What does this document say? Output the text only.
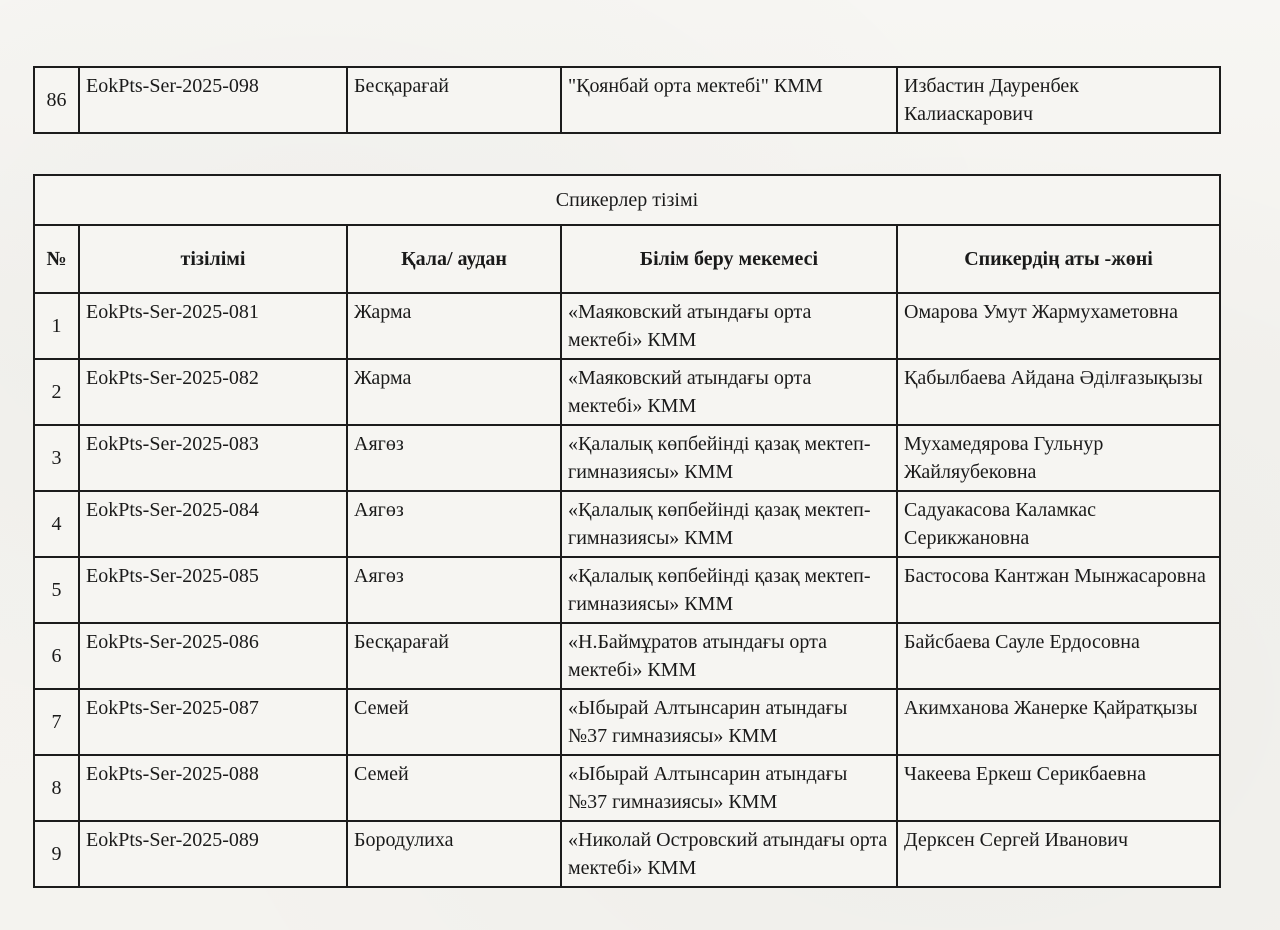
86	EokPts-Ser-2025-098	Бесқарағай	"Қоянбай орта мектебі" КММ	Избастин Дауренбек Калиаскарович
Спикерлер тізімі				
№	тізілімі	Қала/ аудан	Білім беру мекемесі	Спикердің аты -жөні
1	EokPts-Ser-2025-081	Жарма	«Маяковский атындағы орта мектебі» КММ	Омарова Умут Жармухаметовна
2	EokPts-Ser-2025-082	Жарма	«Маяковский атындағы орта мектебі» КММ	Қабылбаева Айдана Әділғазықызы
3	EokPts-Ser-2025-083	Аягөз	«Қалалық көпбейінді қазақ мектеп-гимназиясы» КММ	Мухамедярова Гульнур Жайляубековна
4	EokPts-Ser-2025-084	Аягөз	«Қалалық көпбейінді қазақ мектеп-гимназиясы» КММ	Садуакасова Каламкас Серикжановна
5	EokPts-Ser-2025-085	Аягөз	«Қалалық көпбейінді қазақ мектеп-гимназиясы» КММ	Бастосова Кантжан Мынжасаровна
6	EokPts-Ser-2025-086	Бесқарағай	«Н.Баймұратов атындағы орта мектебі» КММ	Байсбаева Сауле Ердосовна
7	EokPts-Ser-2025-087	Семей	«Ыбырай Алтынсарин атындағы №37 гимназиясы» КММ	Акимханова Жанерке Қайратқызы
8	EokPts-Ser-2025-088	Семей	«Ыбырай Алтынсарин атындағы №37 гимназиясы» КММ	Чакеева Еркеш Серикбаевна
9	EokPts-Ser-2025-089	Бородулиха	«Николай Островский атындағы орта мектебі» КММ	Дерксен Сергей Иванович
